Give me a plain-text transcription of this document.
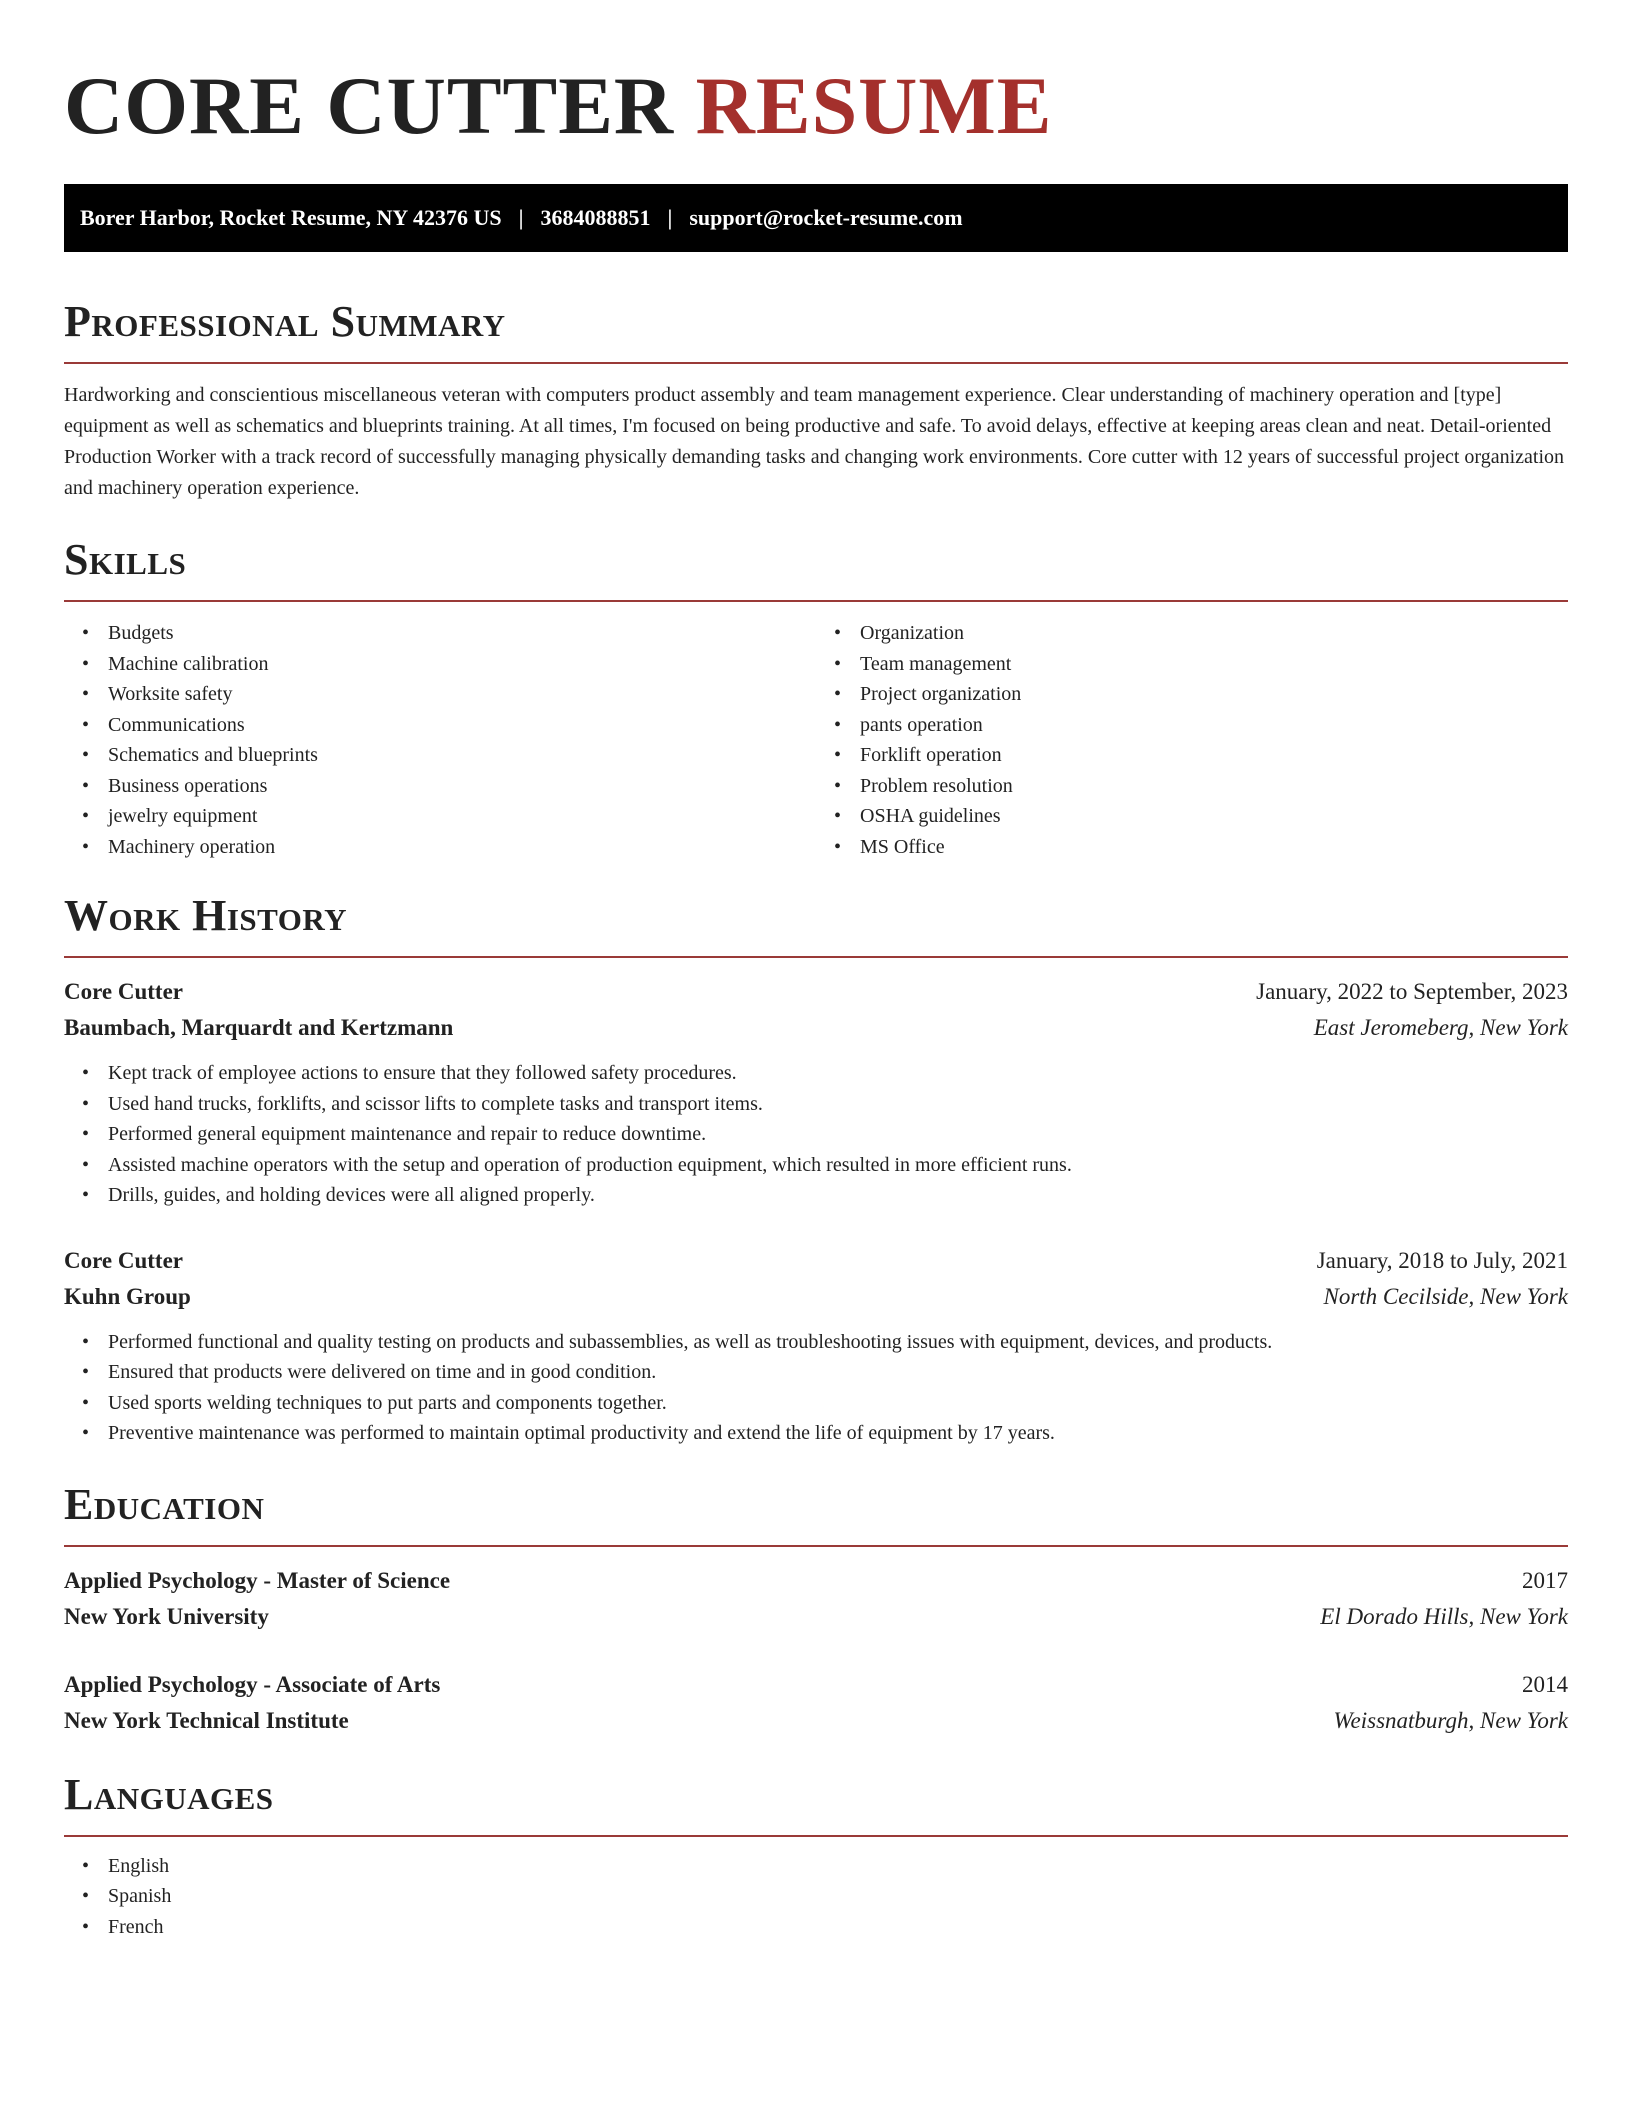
CORE CUTTER RESUME
Borer Harbor, Rocket Resume, NY 42376 US | 3684088851 | support@rocket-resume.com
Professional Summary

Hardworking and conscientious miscellaneous veteran with computers product assembly and team management experience. Clear understanding of machinery operation and [type] equipment as well as schematics and blueprints training. At all times, I'm focused on being productive and safe. To avoid delays, effective at keeping areas clean and neat. Detail-oriented Production Worker with a track record of successfully managing physically demanding tasks and changing work environments. Core cutter with 12 years of successful project organization and machinery operation experience.

Skills
• Budgets
• Machine calibration
• Worksite safety
• Communications
• Schematics and blueprints
• Business operations
• jewelry equipment
• Machinery operation
• Organization
• Team management
• Project organization
• pants operation
• Forklift operation
• Problem resolution
• OSHA guidelines
• MS Office
Work History
Core Cutter	January, 2022 to September, 2023
Baumbach, Marquardt and Kertzmann	East Jeromeberg, New York
• Kept track of employee actions to ensure that they followed safety procedures.
• Used hand trucks, forklifts, and scissor lifts to complete tasks and transport items.
• Performed general equipment maintenance and repair to reduce downtime.
• Assisted machine operators with the setup and operation of production equipment, which resulted in more efficient runs.
• Drills, guides, and holding devices were all aligned properly.
Core Cutter	January, 2018 to July, 2021
Kuhn Group	North Cecilside, New York
• Performed functional and quality testing on products and subassemblies, as well as troubleshooting issues with equipment, devices, and products.
• Ensured that products were delivered on time and in good condition.
• Used sports welding techniques to put parts and components together.
• Preventive maintenance was performed to maintain optimal productivity and extend the life of equipment by 17 years.
Education
Applied Psychology - Master of Science	2017
New York University	El Dorado Hills, New York
Applied Psychology - Associate of Arts	2014
New York Technical Institute	Weissnatburgh, New York
Languages
• English
• Spanish
• French
